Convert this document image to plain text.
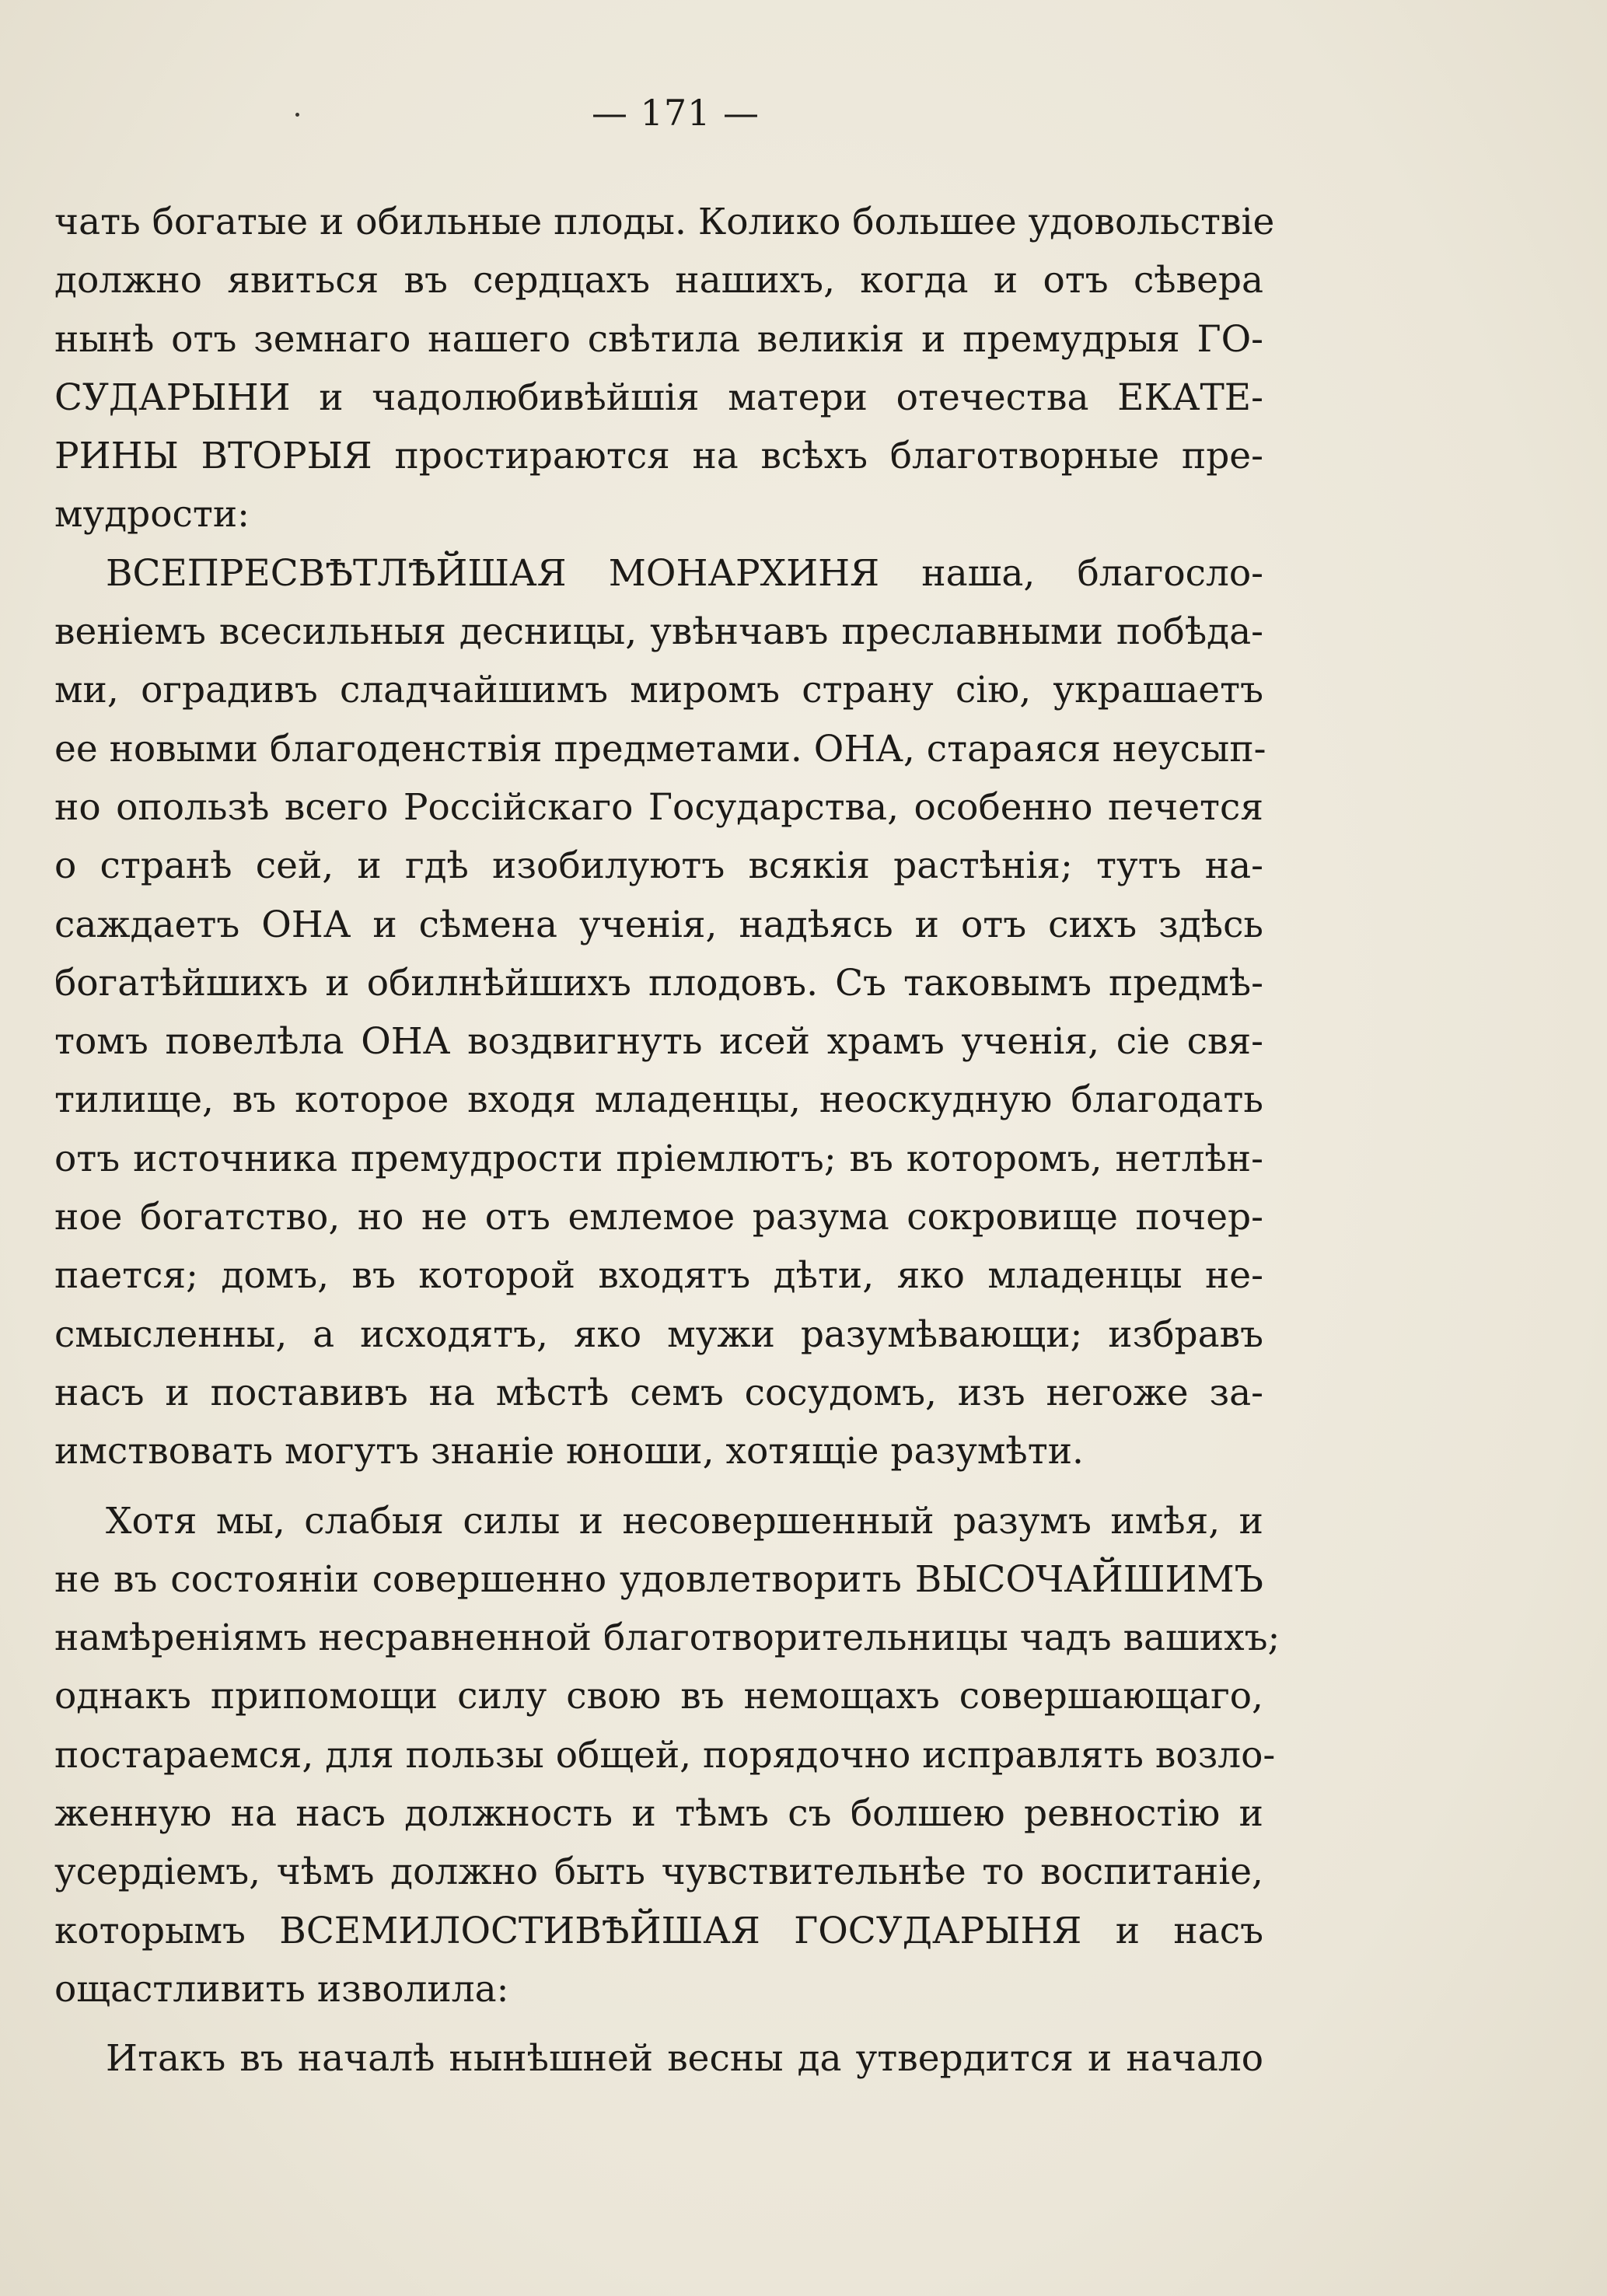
— 171 —
чать богатые и обильные плоды. Колико большее удовольствіе
должно явиться въ сердцахъ нашихъ, когда и отъ сѣвера
нынѣ отъ земнаго нашего свѣтила великія и премудрыя ГО-
СУДАРЫНИ и чадолюбивѣйшія матери отечества ЕКАТЕ-
РИНЫ ВТОРЫЯ простираются на всѣхъ благотворные пре-
мудрости:
ВСЕПРЕСВѢТЛѢЙШАЯ МОНАРХИНЯ наша, благосло-
веніемъ всесильныя десницы, увѣнчавъ преславными побѣда-
ми, оградивъ сладчайшимъ миромъ страну сію, украшаетъ
ее новыми благоденствія предметами. ОНА, стараяся неусып-
но опользѣ всего Россійскаго Государства, особенно печется
о странѣ сей, и гдѣ изобилуютъ всякія растѣнія; тутъ на-
саждаетъ ОНА и сѣмена ученія, надѣясь и отъ сихъ здѣсь
богатѣйшихъ и обилнѣйшихъ плодовъ. Съ таковымъ предмѣ-
томъ повелѣла ОНА воздвигнуть исей храмъ ученія, сіе свя-
тилище, въ которое входя младенцы, неоскудную благодать
отъ источника премудрости пріемлютъ; въ которомъ, нетлѣн-
ное богатство, но не отъ емлемое разума сокровище почер-
пается; домъ, въ которой входятъ дѣти, яко младенцы не-
смысленны, а исходятъ, яко мужи разумѣвающи; избравъ
насъ и поставивъ на мѣстѣ семъ сосудомъ, изъ негоже за-
имствовать могутъ знаніе юноши, хотящіе разумѣти.
Хотя мы, слабыя силы и несовершенный разумъ имѣя, и
не въ состояніи совершенно удовлетворить ВЫСОЧАЙШИМЪ
намѣреніямъ несравненной благотворительницы чадъ вашихъ;
однакъ припомощи силу свою въ немощахъ совершающаго,
постараемся, для пользы общей, порядочно исправлять возло-
женную на насъ должность и тѣмъ съ болшею ревностію и
усердіемъ, чѣмъ должно быть чувствительнѣе то воспитаніе,
которымъ ВСЕМИЛОСТИВѢЙШАЯ ГОСУДАРЫНЯ и насъ
ощастливить изволила:
Итакъ въ началѣ нынѣшней весны да утвердится и начало
